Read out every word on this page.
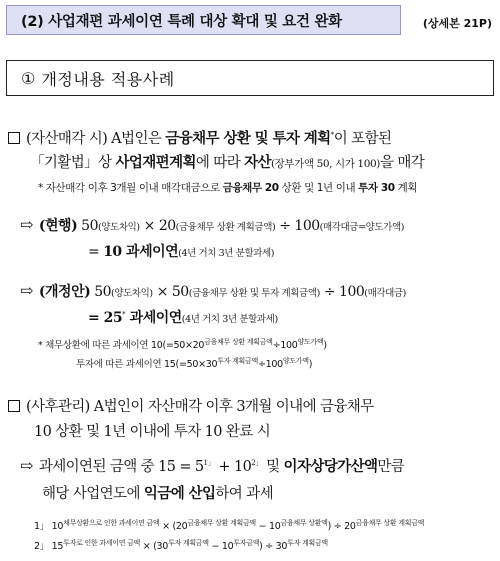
(2) 사업재편 과세이연 특례 대상 확대 및 요건 완화	(상세본 21P)
①
개정내용 적용사례
(자산매각 시) A법인은 금융채무 상환 및 투자 계획*이 포함된
「기활법」상 사업재편계획에 따라 자산(장부가액 50, 시가 100)을 매각
* 자산매각 이후 3개월 이내 매각대금으로 금융채무 20 상환 및 1년 이내 투자 30 계획
⇨ (현행) 50(양도차익) × 20(금융채무 상환 계획금액) ÷ 100(매각대금=양도가액)
= 10 과세이연(4년 거치 3년 분할과세)
⇨ (개정안) 50(양도차익) × 50(금융채무 상환 및 투자 계획금액) ÷ 100(매각대금)
= 25* 과세이연(4년 거치 3년 분할과세)
* 채무상환에 따른 과세이연 $10(=50\times 20^{금융채무 상환 계획금액}\div 100^{양도가액})$
투자에 따른 과세이연 $15(=50\times 30^{투자 계획금액}\div 100^{양도가액})$
(사후관리) A법인이 자산매각 이후 3개월 이내에 금융채무
10 상환 및 1년 이내에 투자 10 완료 시
⇨ 과세이연된 금액 중 $15 = 5^{1」} + 10^{2」}$ 및 이자상당가산액만큼
해당 사업연도에 익금에 산입하여 과세
1」 $10^{채무상환으로 인한 과세이연 금액} \times (20^{금융채무 상환 계획금액} - 10^{금융채무 상환액}) \div 20^{금융채무 상환 계획금액}$
2」 $15^{투자로 인한 과세이연 금액} \times (30^{투자 계획금액} - 10^{투자금액}) \div 30^{투자 계획금액}$
